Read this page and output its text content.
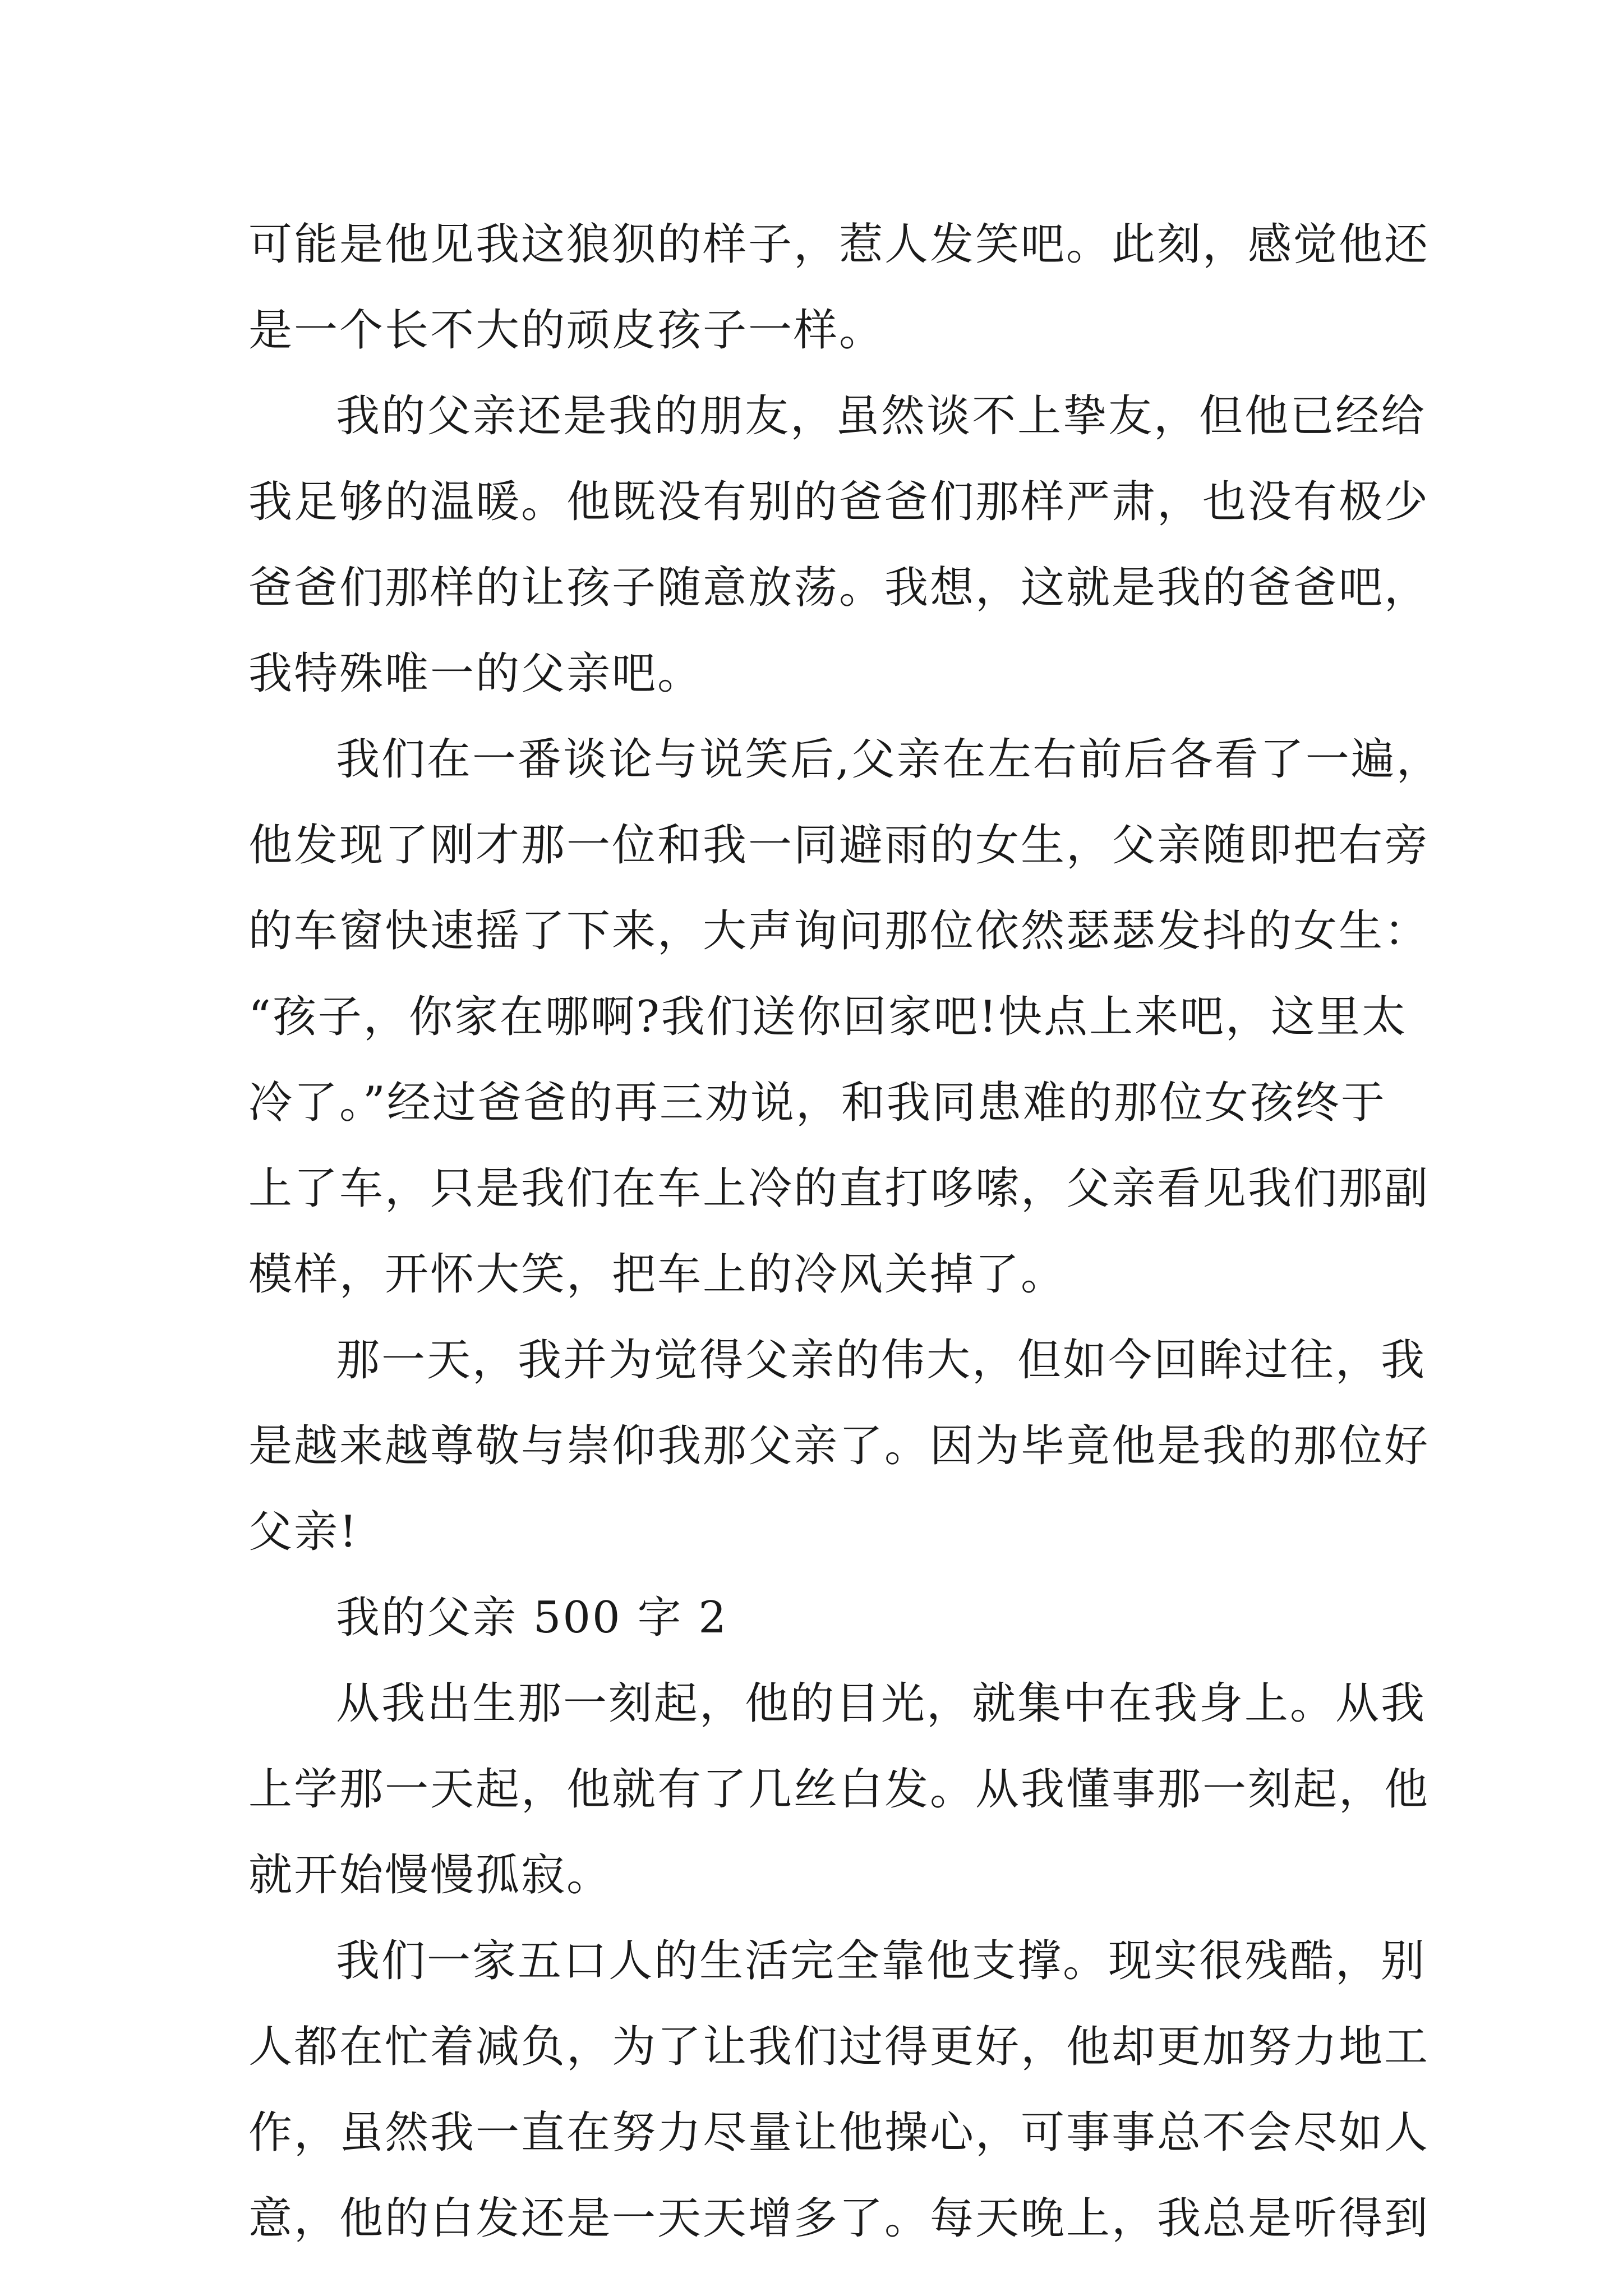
可能是他见我这狼狈的样子，惹人发笑吧。此刻，感觉他还
是一个长不大的顽皮孩子一样。
我的父亲还是我的朋友，虽然谈不上挚友，但他已经给
我足够的温暖。他既没有别的爸爸们那样严肃，也没有极少
爸爸们那样的让孩子随意放荡。我想，这就是我的爸爸吧，
我特殊唯一的父亲吧。
我们在一番谈论与说笑后,父亲在左右前后各看了一遍，
他发现了刚才那一位和我一同避雨的女生，父亲随即把右旁
的车窗快速摇了下来，大声询问那位依然瑟瑟发抖的女生：
“孩子，你家在哪啊?我们送你回家吧!快点上来吧，这里太
冷了。”经过爸爸的再三劝说，和我同患难的那位女孩终于
上了车，只是我们在车上冷的直打哆嗦，父亲看见我们那副
模样，开怀大笑，把车上的冷风关掉了。
那一天，我并为觉得父亲的伟大，但如今回眸过往，我
是越来越尊敬与崇仰我那父亲了。因为毕竟他是我的那位好
父亲!
我的父亲 500 字 2
从我出生那一刻起，他的目光，就集中在我身上。从我
上学那一天起，他就有了几丝白发。从我懂事那一刻起，他
就开始慢慢孤寂。
我们一家五口人的生活完全靠他支撑。现实很残酷，别
人都在忙着减负，为了让我们过得更好，他却更加努力地工
作，虽然我一直在努力尽量让他操心，可事事总不会尽如人
意，他的白发还是一天天增多了。每天晚上，我总是听得到
